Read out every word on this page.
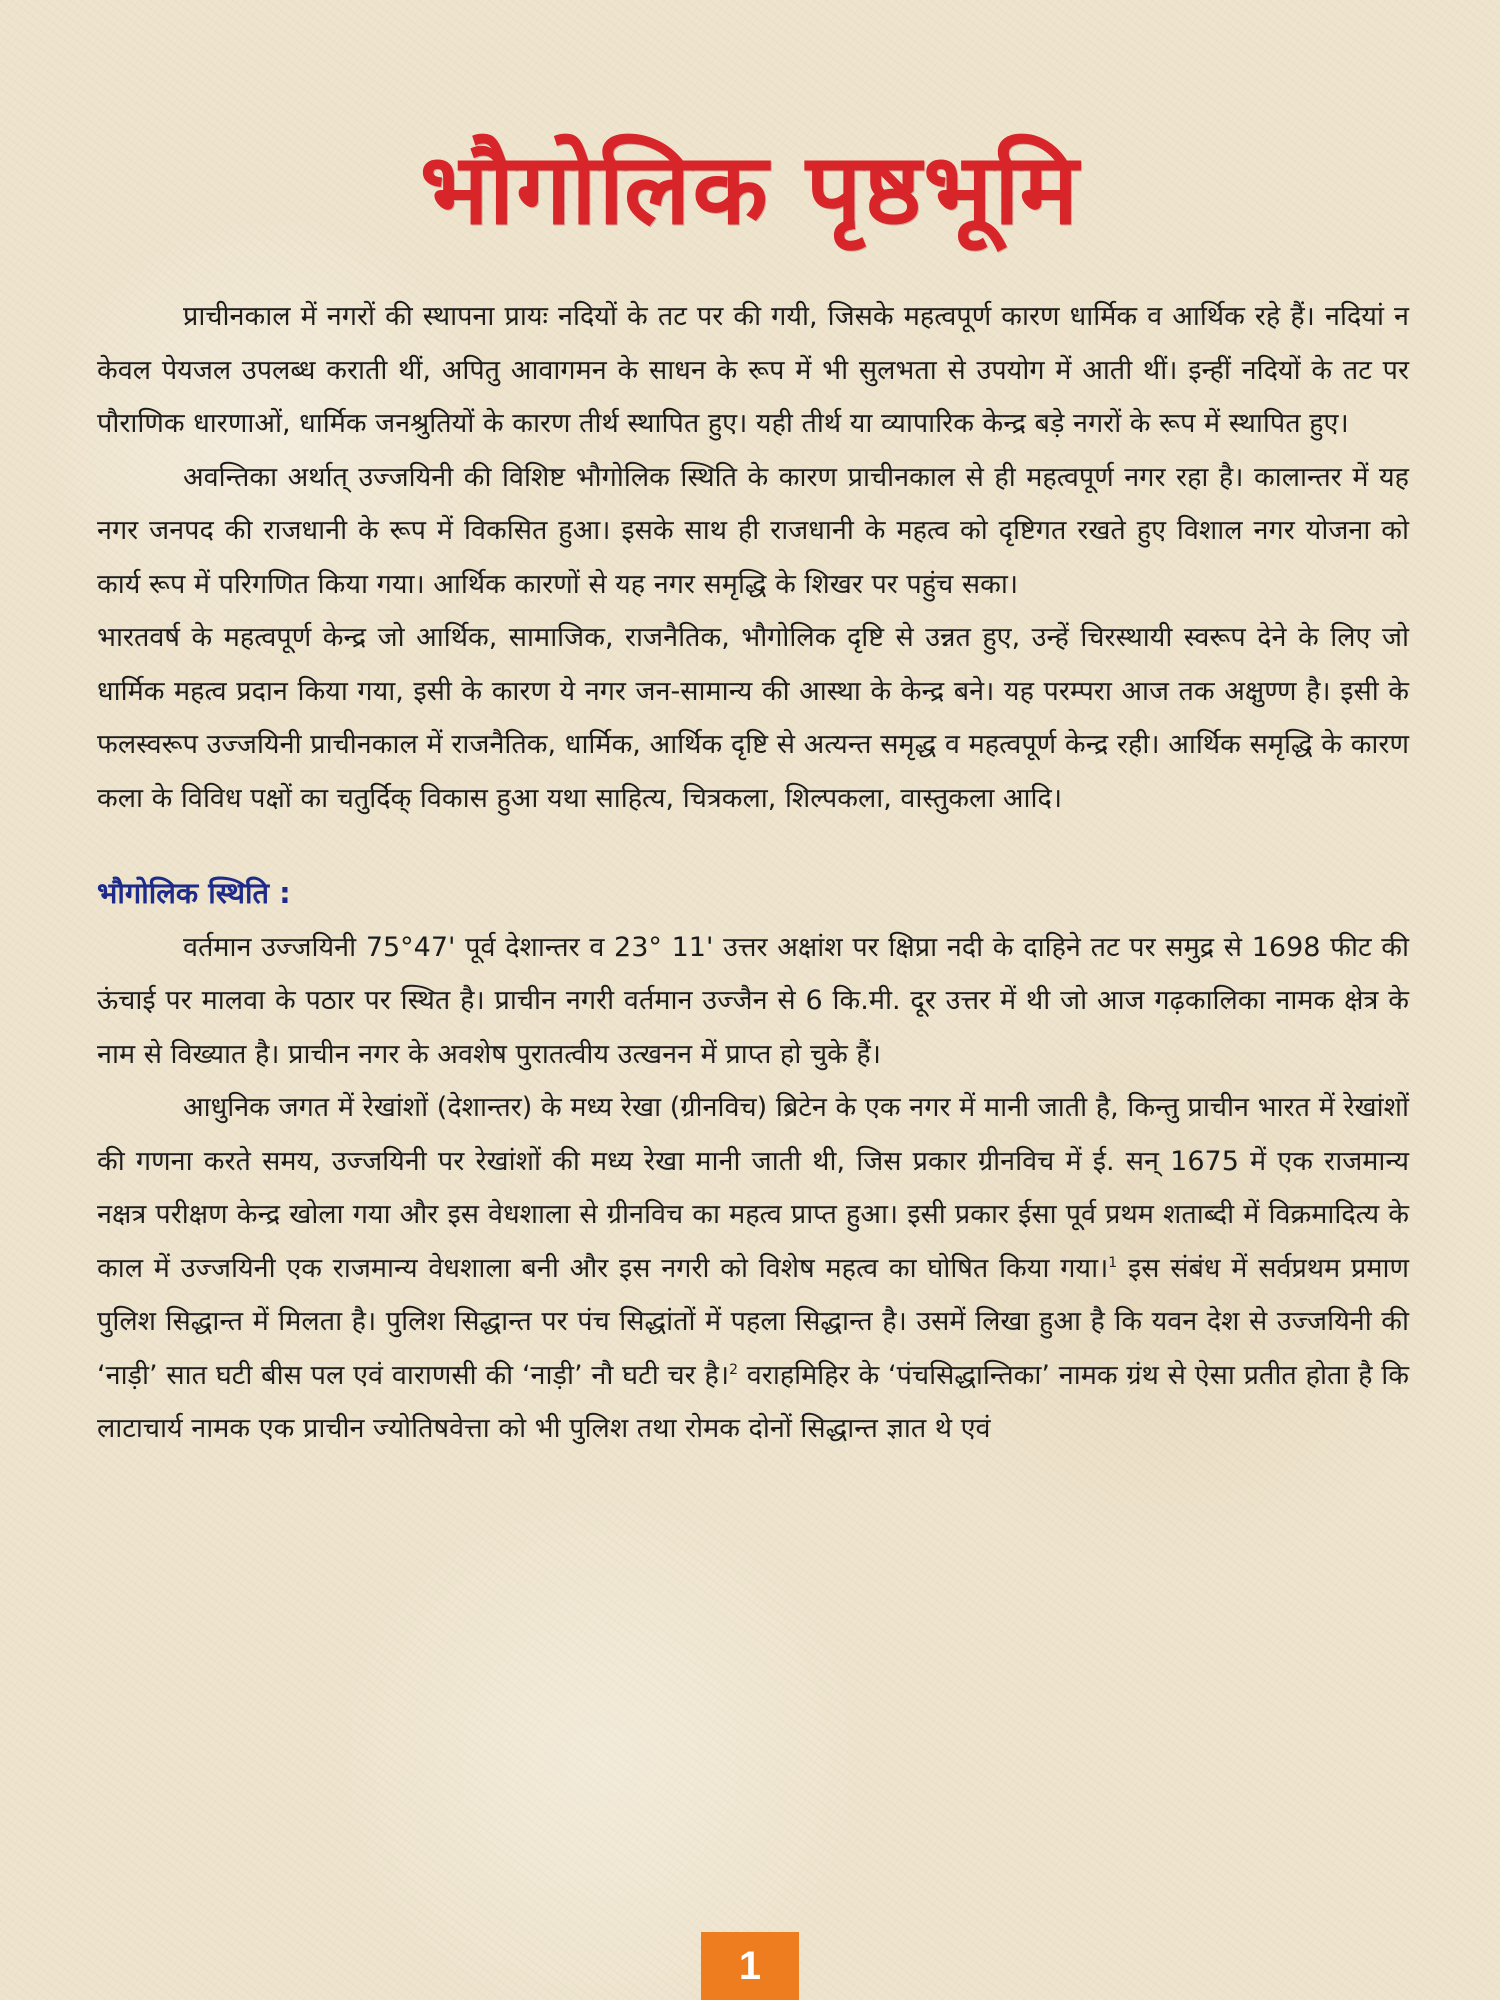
भौगोलिक पृष्ठभूमि

प्राचीनकाल में नगरों की स्थापना प्रायः नदियों के तट पर की गयी, जिसके महत्वपूर्ण कारण धार्मिक व आर्थिक रहे हैं। नदियां न केवल पेयजल उपलब्ध कराती थीं, अपितु आवागमन के साधन के रूप में भी सुलभता से उपयोग में आती थीं। इन्हीं नदियों के तट पर पौराणिक धारणाओं, धार्मिक जनश्रुतियों के कारण तीर्थ स्थापित हुए। यही तीर्थ या व्यापारिक केन्द्र बड़े नगरों के रूप में स्थापित हुए।

अवन्तिका अर्थात् उज्जयिनी की विशिष्ट भौगोलिक स्थिति के कारण प्राचीनकाल से ही महत्वपूर्ण नगर रहा है। कालान्तर में यह नगर जनपद की राजधानी के रूप में विकसित हुआ। इसके साथ ही राजधानी के महत्व को दृष्टिगत रखते हुए विशाल नगर योजना को कार्य रूप में परिगणित किया गया। आर्थिक कारणों से यह नगर समृद्धि के शिखर पर पहुंच सका।

भारतवर्ष के महत्वपूर्ण केन्द्र जो आर्थिक, सामाजिक, राजनैतिक, भौगोलिक दृष्टि से उन्नत हुए, उन्हें चिरस्थायी स्वरूप देने के लिए जो धार्मिक महत्व प्रदान किया गया, इसी के कारण ये नगर जन-सामान्य की आस्था के केन्द्र बने। यह परम्परा आज तक अक्षुण्ण है। इसी के फलस्वरूप उज्जयिनी प्राचीनकाल में राजनैतिक, धार्मिक, आर्थिक दृष्टि से अत्यन्त समृद्ध व महत्वपूर्ण केन्द्र रही। आर्थिक समृद्धि के कारण कला के विविध पक्षों का चतुर्दिक् विकास हुआ यथा साहित्य, चित्रकला, शिल्पकला, वास्तुकला आदि।

भौगोलिक स्थिति :

वर्तमान उज्जयिनी 75°47' पूर्व देशान्तर व 23° 11' उत्तर अक्षांश पर क्षिप्रा नदी के दाहिने तट पर समुद्र से 1698 फीट की ऊंचाई पर मालवा के पठार पर स्थित है। प्राचीन नगरी वर्तमान उज्जैन से 6 कि.मी. दूर उत्तर में थी जो आज गढ़कालिका नामक क्षेत्र के नाम से विख्यात है। प्राचीन नगर के अवशेष पुरातत्वीय उत्खनन में प्राप्त हो चुके हैं।

आधुनिक जगत में रेखांशों (देशान्तर) के मध्य रेखा (ग्रीनविच) ब्रिटेन के एक नगर में मानी जाती है, किन्तु प्राचीन भारत में रेखांशों की गणना करते समय, उज्जयिनी पर रेखांशों की मध्य रेखा मानी जाती थी, जिस प्रकार ग्रीनविच में ई. सन् 1675 में एक राजमान्य नक्षत्र परीक्षण केन्द्र खोला गया और इस वेधशाला से ग्रीनविच का महत्व प्राप्त हुआ। इसी प्रकार ईसा पूर्व प्रथम शताब्दी में विक्रमादित्य के काल में उज्जयिनी एक राजमान्य वेधशाला बनी और इस नगरी को विशेष महत्व का घोषित किया गया।$^1$ इस संबंध में सर्वप्रथम प्रमाण पुलिश सिद्धान्त में मिलता है। पुलिश सिद्धान्त पर पंच सिद्धांतों में पहला सिद्धान्त है। उसमें लिखा हुआ है कि यवन देश से उज्जयिनी की ‘नाड़ी’ सात घटी बीस पल एवं वाराणसी की ‘नाड़ी’ नौ घटी चर है।$^2$ वराहमिहिर के ‘पंचसिद्धान्तिका’ नामक ग्रंथ से ऐसा प्रतीत होता है कि लाटाचार्य नामक एक प्राचीन ज्योतिषवेत्ता को भी पुलिश तथा रोमक दोनों सिद्धान्त ज्ञात थे एवं

1
